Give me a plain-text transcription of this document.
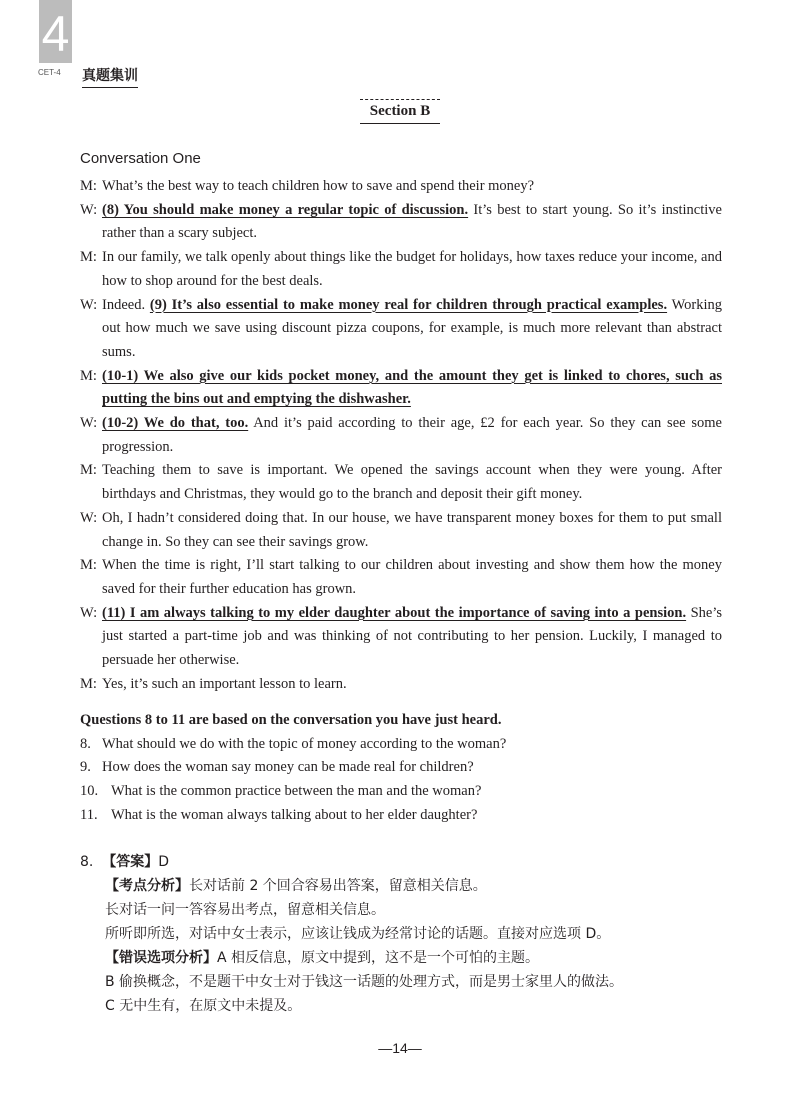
4
CET-4 真题集训
Section B
Conversation One
M: What’s the best way to teach children how to save and spend their money?
W: (8) You should make money a regular topic of discussion. It’s best to start young. So it’s instinctive rather than a scary subject.
M: In our family, we talk openly about things like the budget for holidays, how taxes reduce your income, and how to shop around for the best deals.
W: Indeed. (9) It’s also essential to make money real for children through practical examples. Working out how much we save using discount pizza coupons, for example, is much more relevant than abstract sums.
M: (10-1) We also give our kids pocket money, and the amount they get is linked to chores, such as putting the bins out and emptying the dishwasher.
W: (10-2) We do that, too. And it’s paid according to their age, £2 for each year. So they can see some progression.
M: Teaching them to save is important. We opened the savings account when they were young. After birthdays and Christmas, they would go to the branch and deposit their gift money.
W: Oh, I hadn’t considered doing that. In our house, we have transparent money boxes for them to put small change in. So they can see their savings grow.
M: When the time is right, I’ll start talking to our children about investing and show them how the money saved for their further education has grown.
W: (11) I am always talking to my elder daughter about the importance of saving into a pension. She’s just started a part-time job and was thinking of not contributing to her pension. Luckily, I managed to persuade her otherwise.
M: Yes, it’s such an important lesson to learn.
Questions 8 to 11 are based on the conversation you have just heard.
8. What should we do with the topic of money according to the woman?
9. How does the woman say money can be made real for children?
10. What is the common practice between the man and the woman?
11. What is the woman always talking about to her elder daughter?
8. 【答案】D
【考点分析】长对话前 2 个回合容易出答案，留意相关信息。
长对话一问一答容易出考点，留意相关信息。
所听即所选，对话中女士表示，应该让钱成为经常讨论的话题。直接对应选项 D。
【错误选项分析】A 相反信息，原文中提到，这不是一个可怕的主题。
B 偷换概念，不是题干中女士对于钱这一话题的处理方式，而是男士家里人的做法。
C 无中生有，在原文中未提及。
—14—
